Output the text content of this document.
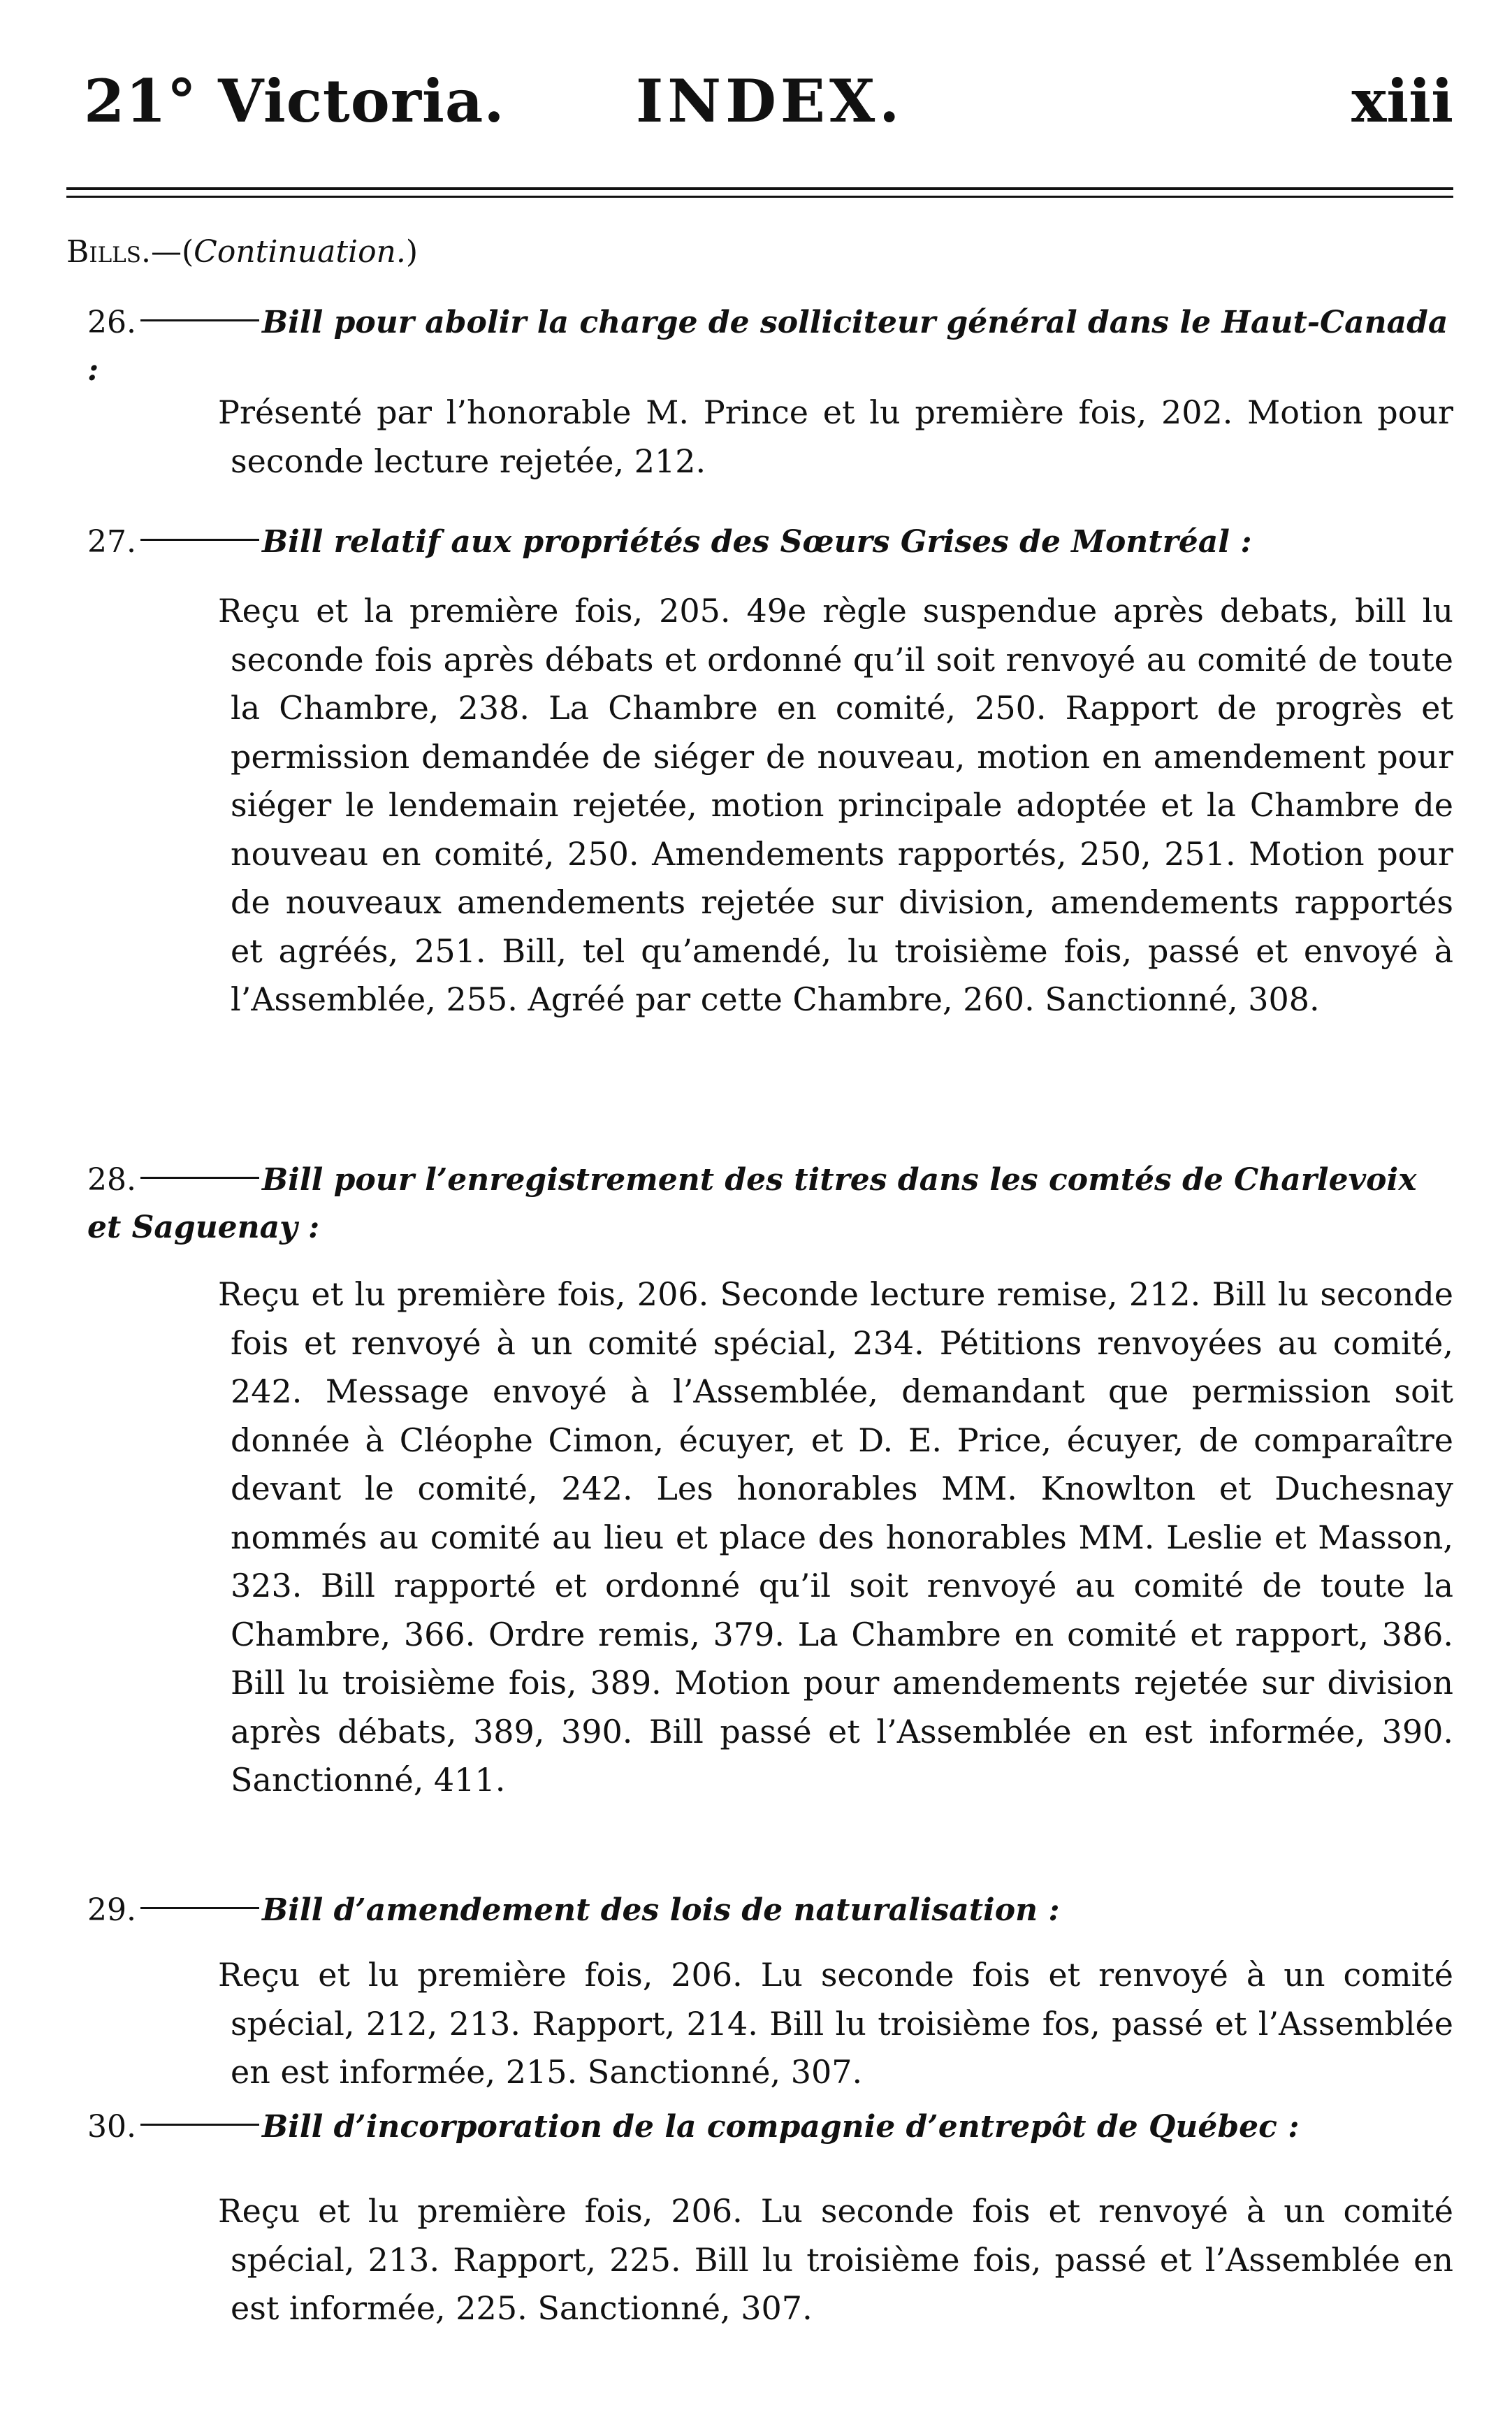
21° Victoria. INDEX.	xiii
Bills.—(Continuation.)
26.	Bill pour abolir la charge de solliciteur général dans le Haut-Canada :
Présenté par l’honorable M. Prince et lu première fois, 202. Motion pour seconde lecture rejetée, 212.
27.	Bill relatif aux propriétés des Sœurs Grises de Montréal :
Reçu et la première fois, 205. 49e règle suspendue après debats, bill lu seconde fois après débats et ordonné qu’il soit renvoyé au comité de toute la Chambre, 238. La Chambre en comité, 250. Rapport de progrès et permission demandée de siéger de nouveau, motion en amendement pour siéger le lendemain rejetée, motion principale adoptée et la Chambre de nouveau en comité, 250. Amendements rapportés, 250, 251. Motion pour de nouveaux amendements rejetée sur division, amendements rapportés et agréés, 251. Bill, tel qu’amendé, lu troisième fois, passé et envoyé à l’Assemblée, 255. Agréé par cette Chambre, 260. Sanctionné, 308.
28.	Bill pour l’enregistrement des titres dans les comtés de Charlevoix et Saguenay :
Reçu et lu première fois, 206. Seconde lecture remise, 212. Bill lu seconde fois et renvoyé à un comité spécial, 234. Pétitions renvoyées au comité, 242. Message envoyé à l’Assemblée, demandant que permission soit donnée à Cléophe Cimon, écuyer, et D. E. Price, écuyer, de comparaître devant le comité, 242. Les honorables MM. Knowlton et Duchesnay nommés au comité au lieu et place des honorables MM. Leslie et Masson, 323. Bill rapporté et ordonné qu’il soit renvoyé au comité de toute la Chambre, 366. Ordre remis, 379. La Chambre en comité et rapport, 386. Bill lu troisième fois, 389. Motion pour amendements rejetée sur division après débats, 389, 390. Bill passé et l’Assemblée en est informée, 390. Sanctionné, 411.
29.	Bill d’amendement des lois de naturalisation :
Reçu et lu première fois, 206. Lu seconde fois et renvoyé à un comité spécial, 212, 213. Rapport, 214. Bill lu troisième fos, passé et l’Assemblée en est informée, 215. Sanctionné, 307.
30.	Bill d’incorporation de la compagnie d’entrepôt de Québec :
Reçu et lu première fois, 206. Lu seconde fois et renvoyé à un comité spécial, 213. Rapport, 225. Bill lu troisième fois, passé et l’Assemblée en est informée, 225. Sanctionné, 307.
